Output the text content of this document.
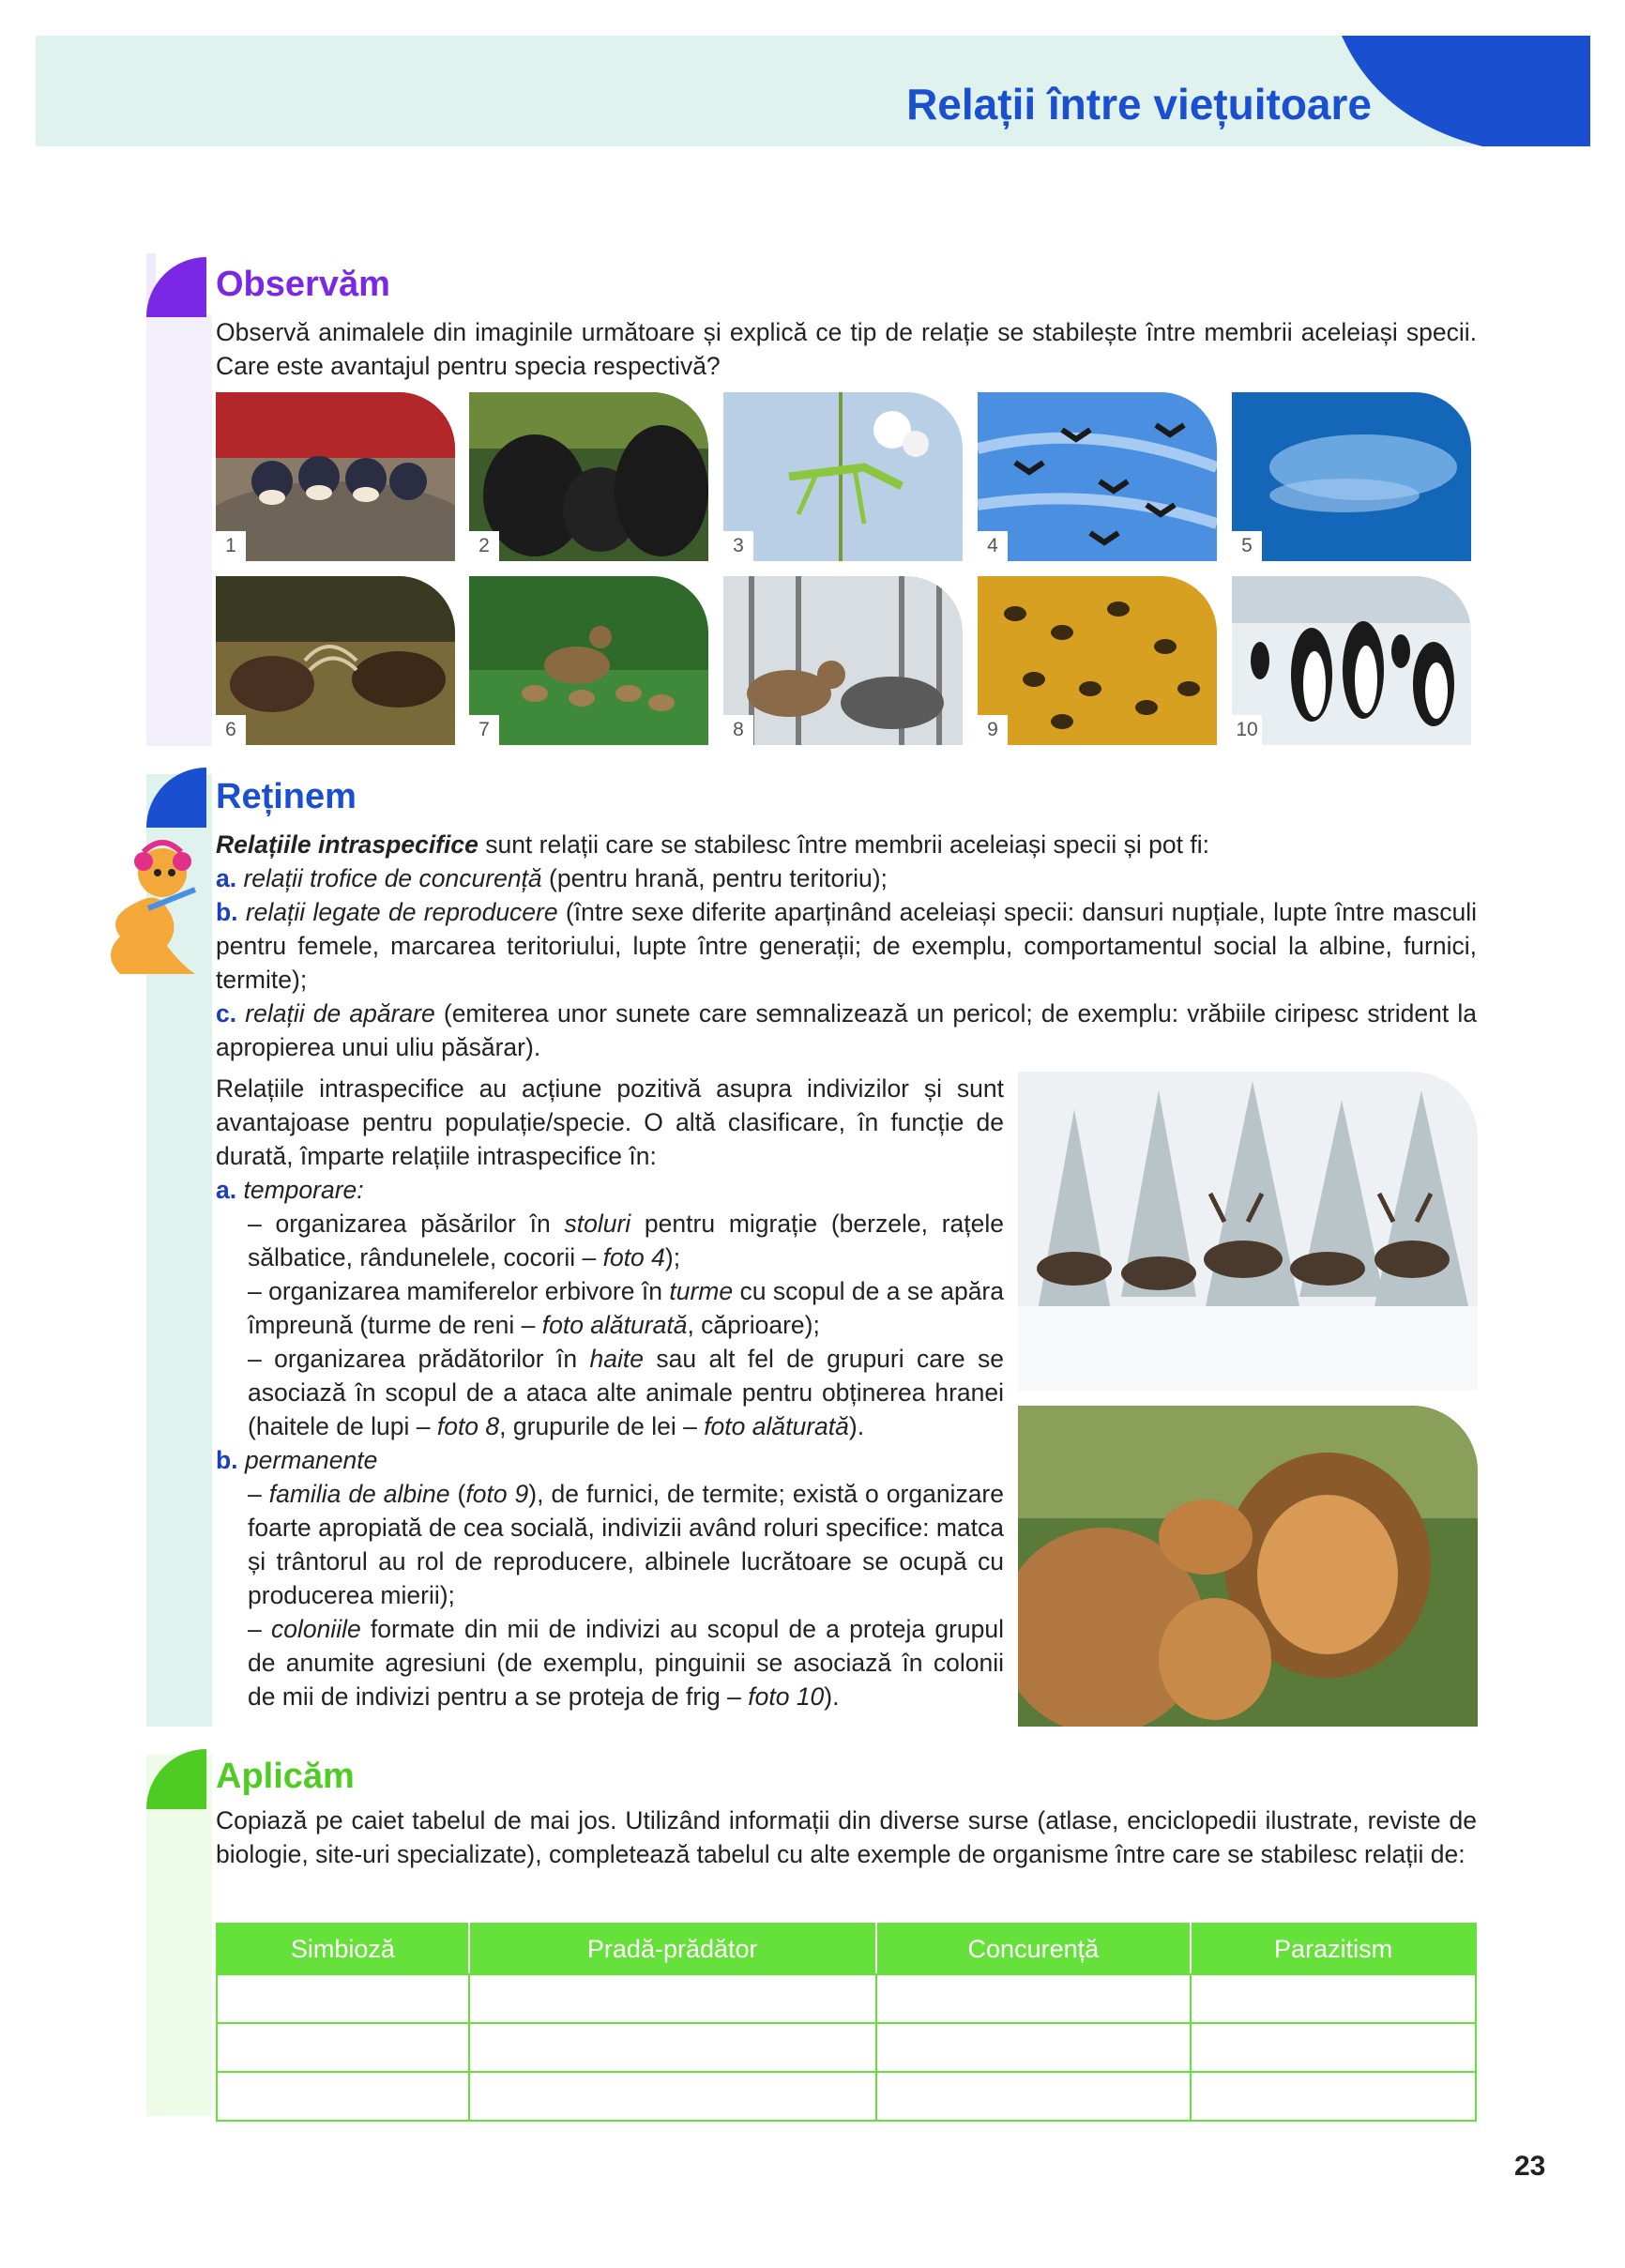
Relații între viețuitoare
Observăm

Observă animalele din imaginile următoare și explică ce tip de relație se stabilește între membrii aceleiași specii. Care este avantajul pentru specia respectivă?

1	2	3	4	5
6	7	8	9	10
Reținem

Relațiile intraspecifice sunt relații care se stabilesc între membrii aceleiași specii și pot fi:

a. relații trofice de concurență (pentru hrană, pentru teritoriu);

b. relații legate de reproducere (între sexe diferite aparținând aceleiași specii: dansuri nupțiale, lupte între masculi pentru femele, marcarea teritoriului, lupte între generații; de exemplu, comportamentul social la albine, furnici, termite);

c. relații de apărare (emiterea unor sunete care semnalizează un pericol; de exemplu: vrăbiile ciripesc strident la apropierea unui uliu păsărar).

Relațiile intraspecifice au acțiune pozitivă asupra indivizilor și sunt avantajoase pentru populație/specie. O altă clasificare, în funcție de durată, împarte relațiile intraspecifice în:

a. temporare:

– organizarea păsărilor în stoluri pentru migrație (berzele, rațele sălbatice, rândunelele, cocorii – foto 4);

– organizarea mamiferelor erbivore în turme cu scopul de a se apăra împreună (turme de reni – foto alăturată, căprioare);

– organizarea prădătorilor în haite sau alt fel de grupuri care se asociază în scopul de a ataca alte animale pentru obținerea hranei (haitele de lupi – foto 8, grupurile de lei – foto alăturată).

b. permanente

– familia de albine (foto 9), de furnici, de termite; există o organizare foarte apropiată de cea socială, indivizii având roluri specifice: matca și trântorul au rol de reproducere, albinele lucrătoare se ocupă cu producerea mierii);

– coloniile formate din mii de indivizi au scopul de a proteja grupul de anumite agresiuni (de exemplu, pinguinii se asociază în colonii de mii de indivizi pentru a se proteja de frig – foto 10).

Aplicăm

Copiază pe caiet tabelul de mai jos. Utilizând informații din diverse surse (atlase, enciclopedii ilustrate, reviste de biologie, site-uri specializate), completează tabelul cu alte exemple de organisme între care se stabilesc relații de:

Simbioză	Pradă-prădător	Concurență	Parazitism

23
